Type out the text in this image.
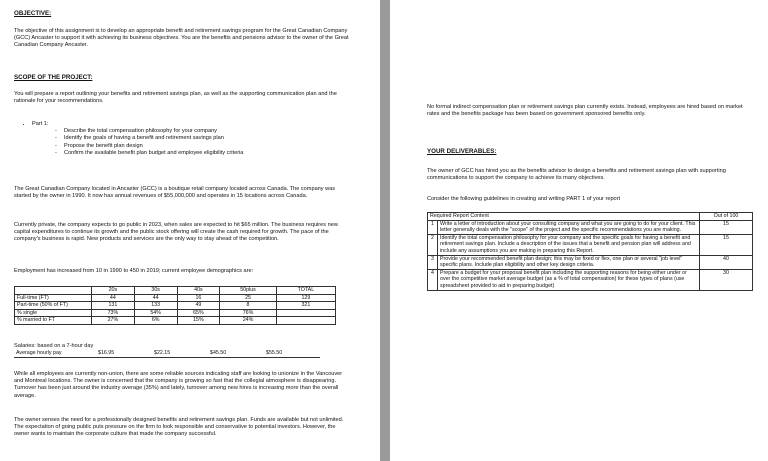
OBJECTIVE:
The objective of this assignment is to develop an appropriate benefit and retirement savings program for the Great Canadian Company (GCC) Ancaster to support it with achieving its business objectives. You are the benefits and pensions advisor to the owner of the Great Canadian Company Ancaster.
SCOPE OF THE PROJECT:
You will prepare a report outlining your benefits and retirement savings plan, as well as the supporting communication plan and the rationale for your recommendations.
• Part 1:
- Describe the total compensation philosophy for your company
- Identify the goals of having a benefit and retirement savings plan
- Propose the benefit plan design
- Confirm the available benefit plan budget and employee eligibility criteria
The Great Canadian Company located in Ancaster (GCC) is a boutique retail company located across Canada. The company was started by the owner in 1990. It now has annual revenues of $55,000,000 and operates in 15 locations across Canada.
Currently private, the company expects to go public in 2023, when sales are expected to hit $65 million. The business requires new capital expenditures to continue its growth and the public stock offering will create the cash required for growth. The pace of the company's business is rapid. New products and services are the only way to stay ahead of the competition.
Employment has increased from 10 in 1990 to 450 in 2019; current employee demographics are:
	20s	30s	40s	50plus	TOTAL
Full-time (FT)	44	44	16	25	129
Part-time (50% of FT)	131	133	49	8	321
% single	73%	54%	65%	76%	
% married to FT	27%	6%	15%	24%	
Salaries: based on a 7-hour day
Average hourly pay	$16.95	$22.15	$45.50	$55.50
While all employees are currently non-union, there are some reliable sources indicating staff are looking to unionize in the Vancouver and Montreal locations. The owner is concerned that the company is growing so fast that the collegial atmosphere is disappearing. Turnover has been just around the industry average (35%) and lately, turnover among new hires is increasing more than the overall average.
The owner senses the need for a professionally designed benefits and retirement savings plan. Funds are available but not unlimited. The expectation of going public puts pressure on the firm to look responsible and conservative to potential investors. However, the owner wants to maintain the corporate culture that made the company successful.
No formal indirect compensation plan or retirement savings plan currently exists. Instead, employees are hired based on market rates and the benefits package has been based on government sponsored benefits only.
YOUR DELIVERABLES:
The owner of GCC has hired you as the benefits advisor to design a benefits and retirement savings plan with supporting communications to support the company to achieve its many objectives.
Consider the following guidelines in creating and writing PART 1 of your report
Required Report Content		Out of 100
1	Write a letter of introduction about your consulting company and what you are going to do for your client. This letter generally deals with the "scope" of the project and the specific recommendations you are making.	15
2	Identify the total compensation philosophy for your company and the specific goals for having a benefit and retirement savings plan. Include a description of the issues that a benefit and pension plan will address and include any assumptions you are making in preparing this Report.	15
3	Provide your recommended benefit plan design; this may be fixed or flex, one plan or several "job level" specific plans. Include plan eligibility and other key design criteria.	40
4	Prepare a budget for your proposal benefit plan including the supporting reasons for being either under or over the competitive market average budget (as a % of total compensation) for these types of plans (use spreadsheet provided to aid in preparing budget)	30
